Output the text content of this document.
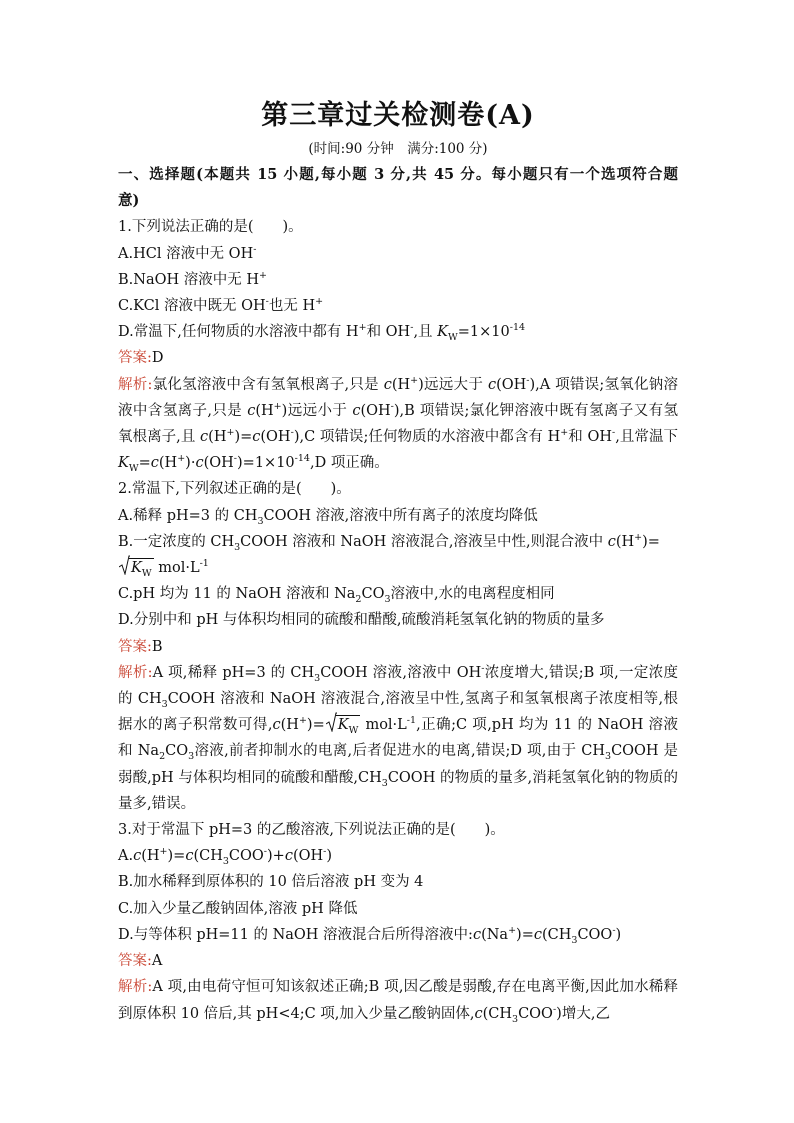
第三章过关检测卷(A)
(时间:90 分钟　满分:100 分)
一、选择题(本题共 15 小题,每小题 3 分,共 45 分。每小题只有一个选项符合题
意)
1.下列说法正确的是(　　)。
A.HCl 溶液中无 OH-
B.NaOH 溶液中无 H+
C.KCl 溶液中既无 OH-也无 H+
D.常温下,任何物质的水溶液中都有 H+和 OH-,且 $K_W=1\times 10^{-14}$
答案:D
解析:氯化氢溶液中含有氢氧根离子,只是 c(H+)远远大于 c(OH-),A 项错误;氢氧化钠溶液中含氢离子,只是 c(H+)远远小于 c(OH-),B 项错误;氯化钾溶液中既有氢离子又有氢氧根离子,且 c(H+)=c(OH-),C 项错误;任何物质的水溶液中都含有 H+和 OH-,且常温下 $K_W=c(H^+)\cdot c(OH^-)=1\times 10^{-14},D$ 项正确。
2.常温下,下列叙述正确的是(　　)。
A.稀释 pH=3 的 $CH_3COOH$ 溶液,溶液中所有离子的浓度均降低
B.一定浓度的 $CH_3COOH$ 溶液和 NaOH 溶液混合,溶液呈中性,则混合液中 c(H+)=
$K_W$ $mol\cdot L^{-1}$
C.pH 均为 11 的 NaOH 溶液和 $Na_2CO_3$溶液中,水的电离程度相同
D.分别中和 pH 与体积均相同的硫酸和醋酸,硫酸消耗氢氧化钠的物质的量多
答案:B
解析:A 项,稀释 pH=3 的 $CH_3COOH$ 溶液,溶液中 OH-浓度增大,错误;B 项,一定浓度的 $CH_3COOH$ 溶液和 NaOH 溶液混合,溶液呈中性,氢离子和氢氧根离子浓度相等,根据水的离子积常数可得$,c(H^+)= K_W$ $mol\cdot L^{-1}$,正确;C 项,pH 均为 11 的 NaOH 溶液和 $Na_2CO_3$溶液,前者抑制水的电离,后者促进水的电离,错误;D 项,由于 $CH_3COOH$ 是弱酸,pH 与体积均相同的硫酸和醋酸$,CH_3COOH$ 的物质的量多,消耗氢氧化钠的物质的量多,错误。
3.对于常温下 pH=3 的乙酸溶液,下列说法正确的是(　　)。
$A.c(H^+)=c(CH_3COO^-)+c(OH^-)$
B.加水稀释到原体积的 10 倍后溶液 pH 变为 4
C.加入少量乙酸钠固体,溶液 pH 降低
D.与等体积 pH=11 的 NaOH 溶液混合后所得溶液中$:c(Na^+)=c(CH_3COO^-)$
答案:A
解析:A 项,由电荷守恒可知该叙述正确;B 项,因乙酸是弱酸,存在电离平衡,因此加水稀释到原体积 10 倍后,其 pH<4;C 项,加入少量乙酸钠固体$,c(CH_3COO^-)$增大,乙
